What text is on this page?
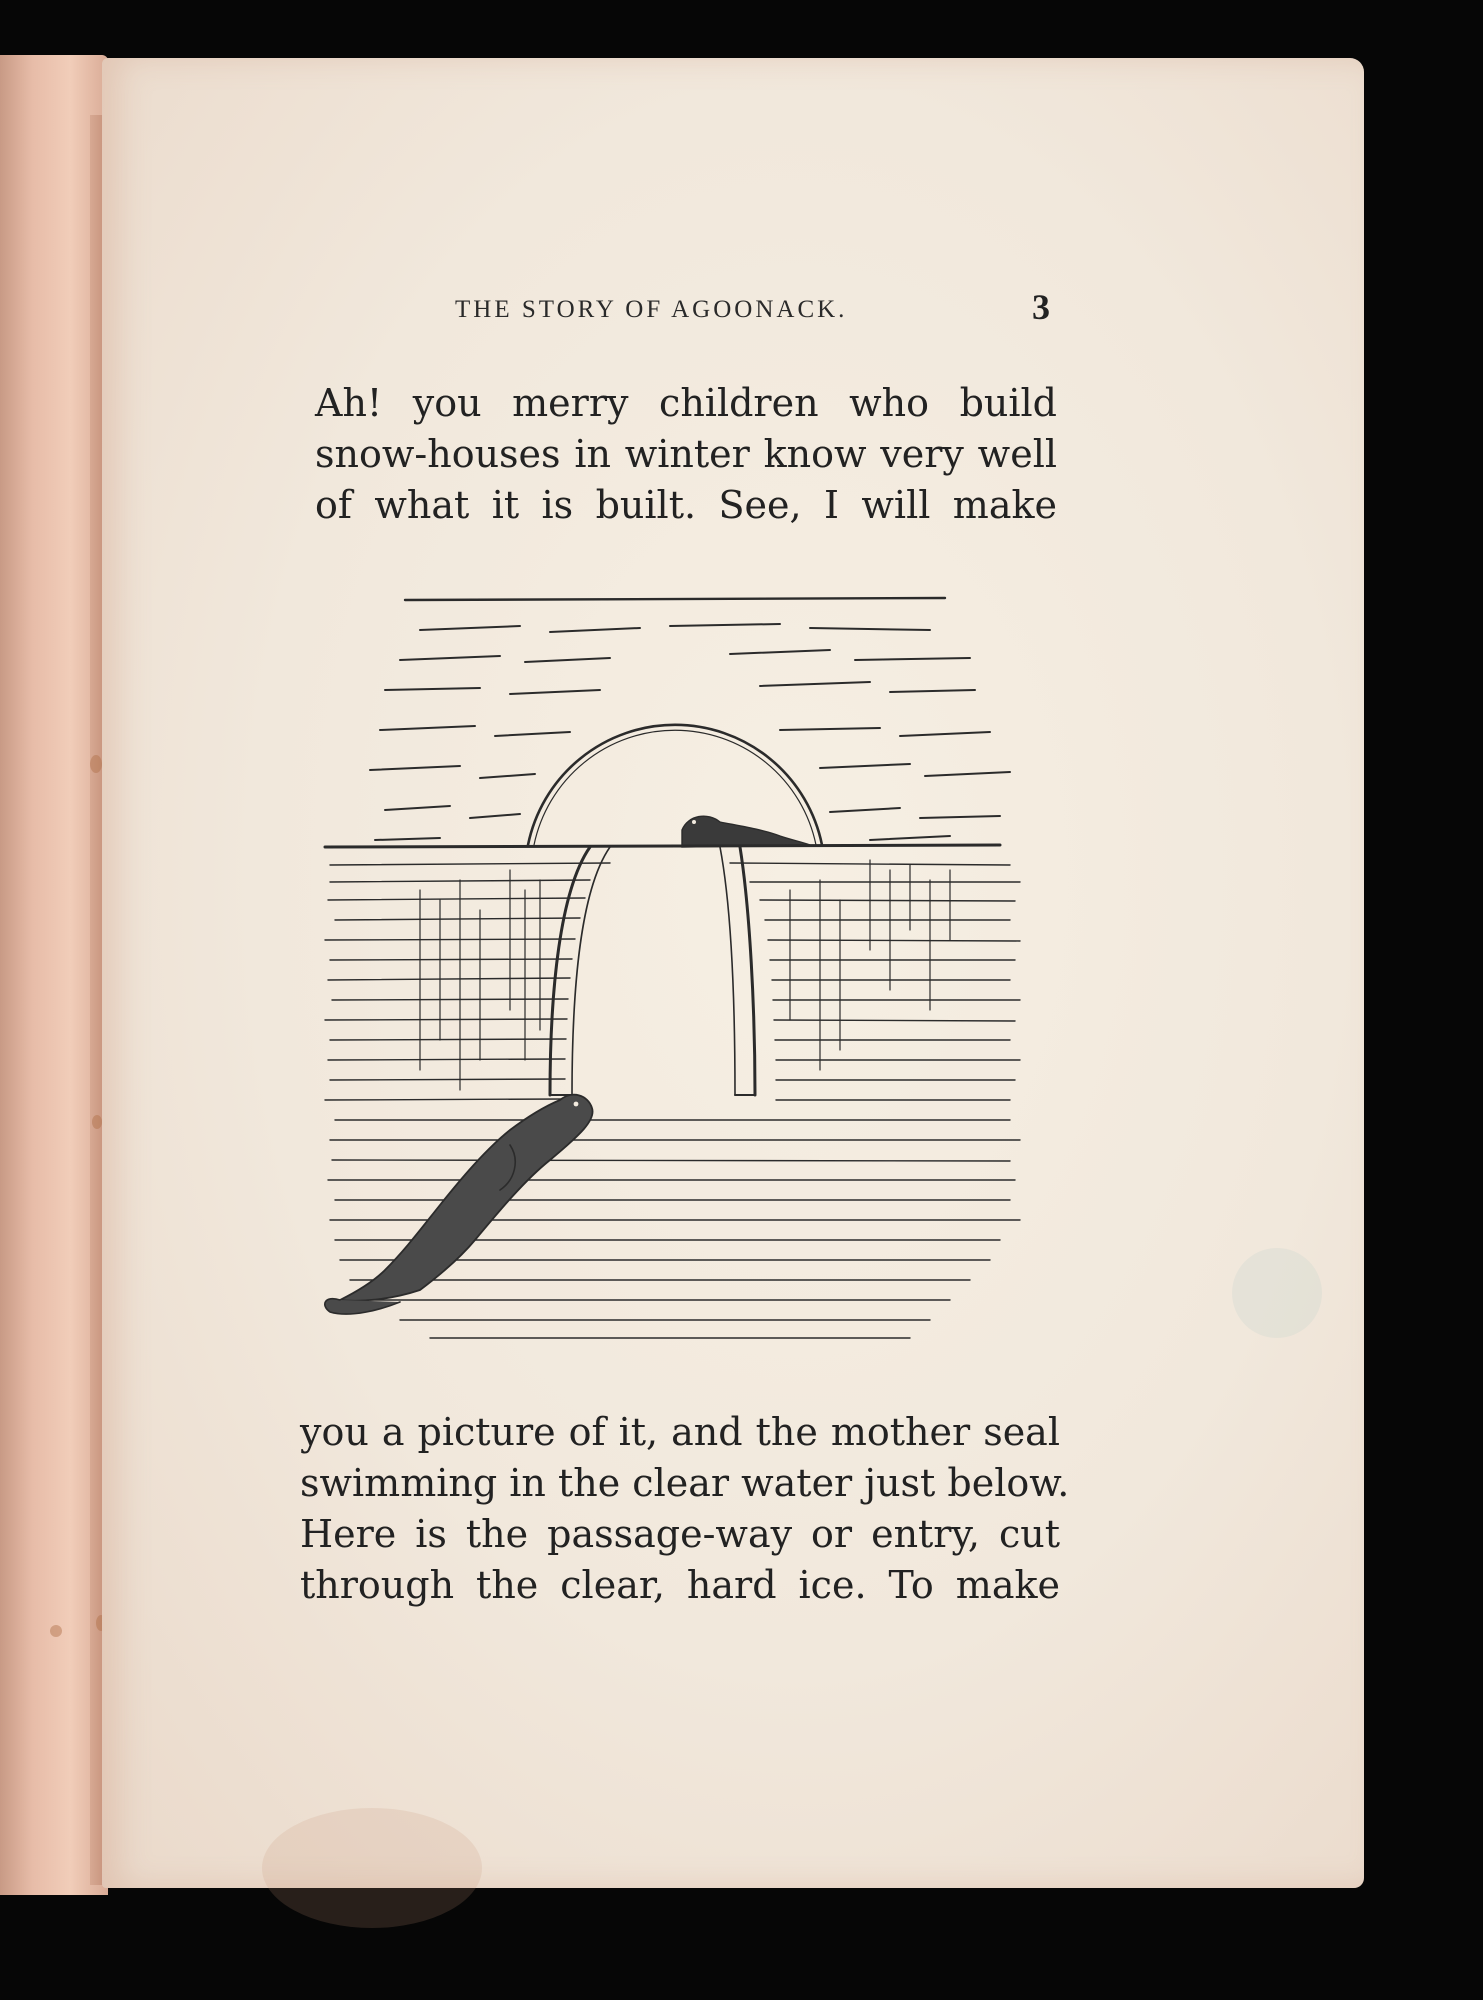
THE STORY OF AGOONACK.	3
Ah! you merry children who build
snow-houses in winter know very well
of what it is built. See, I will make
you a picture of it, and the mother seal
swimming in the clear water just below.
Here is the passage-way or entry, cut
through the clear, hard ice. To make
